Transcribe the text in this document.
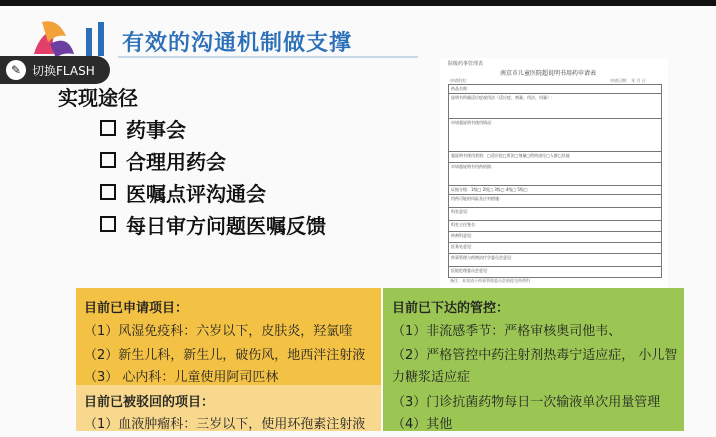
有效的沟通机制做支撑
✎ 切换FLASH
实现途径
药事会
合理用药会
医嘱点评沟通会
每日审方问题医嘱反馈
院级药事管理表
南京市儿童医院超说明书用药申请表
申请科室：	申请日期： 年 月 日
药品名称：
说明书所载适应症或用法（适应症、剂量、用法、用量）：
申请超说明书使用情况：
超说明书使用类别：□适应症□用法□剂量□给药途径□人群□其他
申请超说明书用药依据：
证据分级：1级□ 2级□ 3级□ 4级□ 5级□
用药可能的风险及应对措施：
科室意见：
科室主任签名：
药剂科意见：
医务处意见：
药事管理与药物治疗学委员会意见：
医院伦理委员会意见：
备注：本表请于药事管理委员会前提交药剂科
目前已申请项目：
（1）风湿免疫科：六岁以下，皮肤炎，羟氯喹
（2）新生儿科，新生儿，破伤风，地西泮注射液
（3） 心内科：儿童使用阿司匹林
目前已被驳回的项目：
（1）血液肿瘤科：三岁以下，使用环孢素注射液
目前已下达的管控：
（1）非流感季节：严格审核奥司他韦、
（2）严格管控中药注射剂热毒宁适应症， 小儿智
力糖浆适应症
（3）门诊抗菌药物每日一次输液单次用量管理
（4）其他
